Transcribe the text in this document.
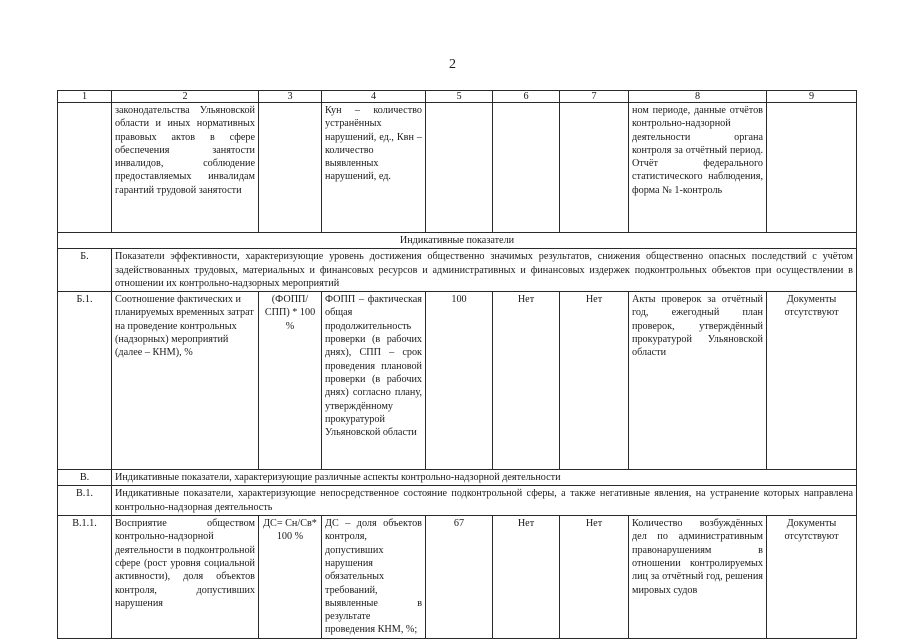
2
1	2	3	4	5	6	7	8	9
	законодательства Ульяновской области и иных нормативных правовых актов в сфере обеспечения занятости инвалидов, соблюдение предоставляемых инвалидам гарантий трудовой занятости		Кун – количество устранённых нарушений, ед., Квн – количество выявленных нарушений, ед.				ном периоде, данные отчётов контрольно-надзорной деятельности органа контроля за отчётный период. Отчёт федерального статистического наблюдения, форма № 1-контроль	
Индикативные показатели								
Б.	Показатели эффективности, характеризующие уровень достижения общественно значимых результатов, снижения общественно опасных последствий с учётом задействованных трудовых, материальных и финансовых ресурсов и административных и финансовых издержек подконтрольных объектов при осуществлении в отношении их контрольно-надзорных мероприятий							
Б.1.	Соотношение фактических и планируемых временных затрат на проведение контрольных (надзорных) мероприятий (далее – КНМ), %	(ФОПП/СПП) * 100 %	ФОПП – фактическая общая продолжительность проверки (в рабочих днях), СПП – срок проведения плановой проверки (в рабочих днях) согласно плану, утверждённому прокуратурой Ульяновской области	100	Нет	Нет	Акты проверок за отчётный год, ежегодный план проверок, утверждённый прокуратурой Ульяновской области	Документы отсутствуют
В.	Индикативные показатели, характеризующие различные аспекты контрольно-надзорной деятельности							
В.1.	Индикативные показатели, характеризующие непосредственное состояние подконтрольной сферы, а также негативные явления, на устранение которых направлена контрольно-надзорная деятельность							
В.1.1.	Восприятие обществом контрольно-надзорной деятельности в подконтрольной сфере (рост уровня социальной активности), доля объектов контроля, допустивших нарушения	ДС= Сн/Св* 100 %	ДС – доля объектов контроля, допустивших нарушения обязательных требований, выявленные в результате проведения КНМ, %;	67	Нет	Нет	Количество возбуждённых дел по административным правонарушениям в отношении контролируемых лиц за отчётный год, решения мировых судов	Документы отсутствуют
